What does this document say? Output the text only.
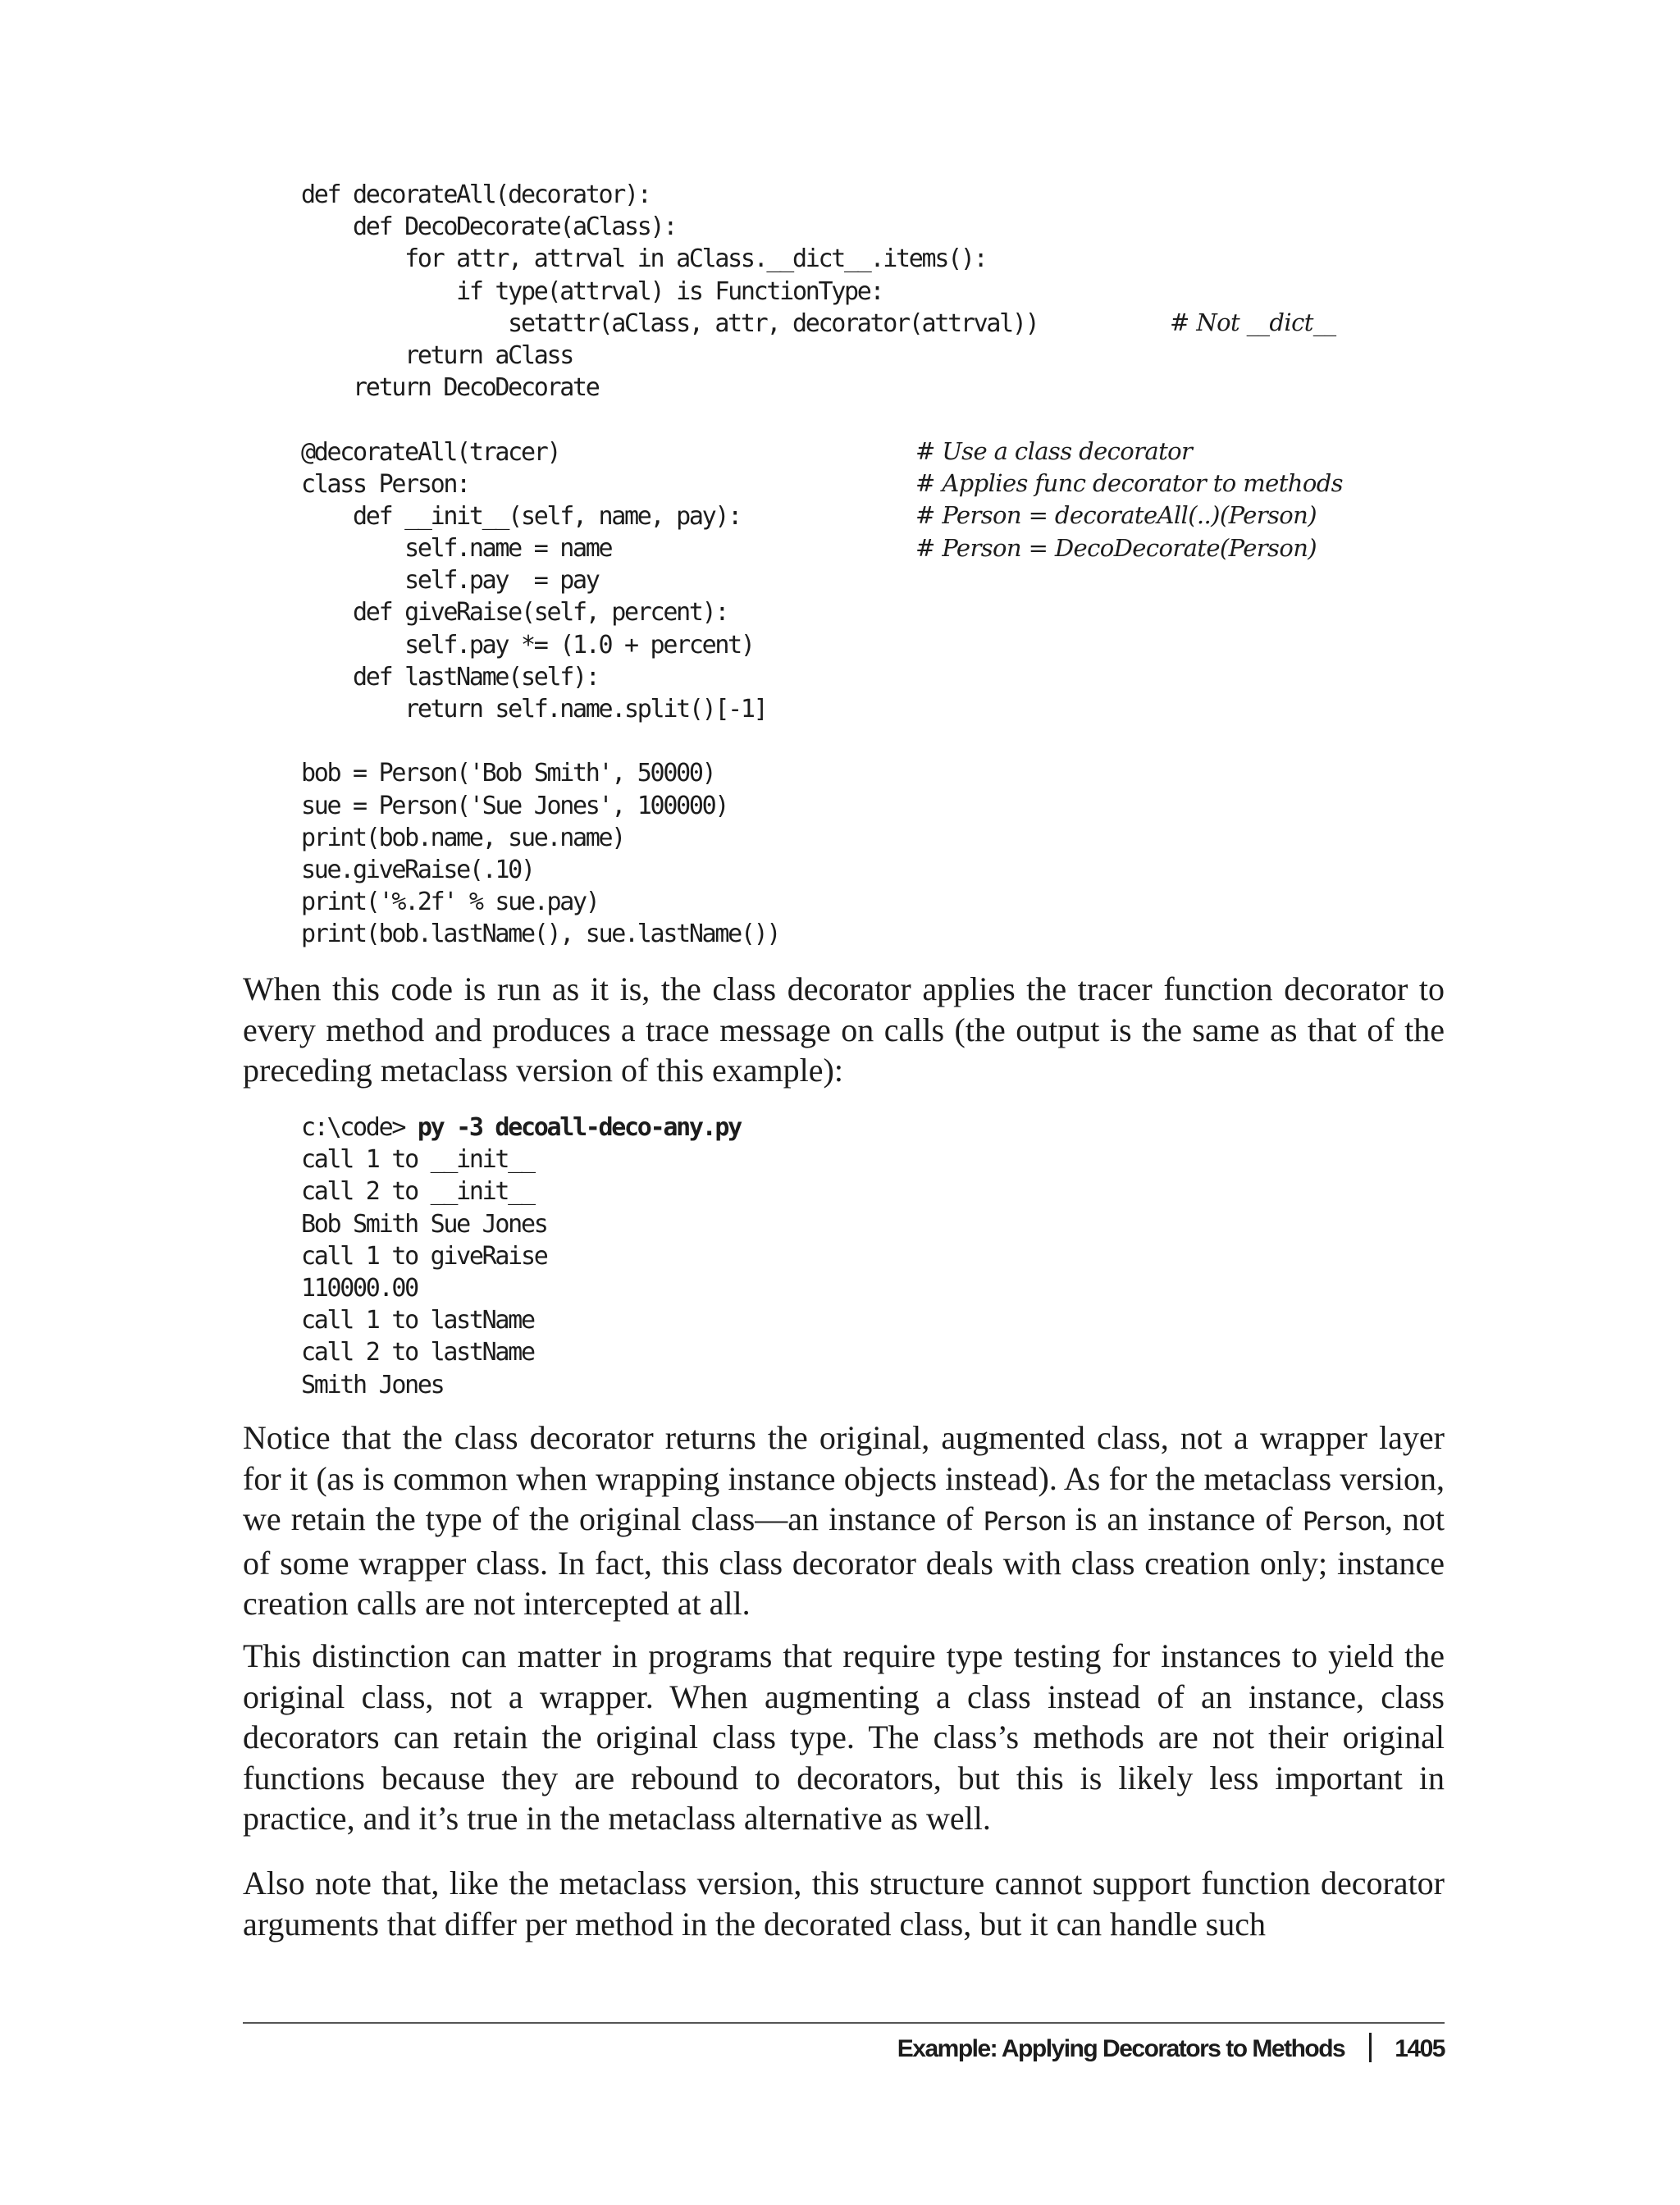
def decorateAll(decorator):
def DecoDecorate(aClass):
for attr, attrval in aClass.__dict__.items():
if type(attrval) is FunctionType:
setattr(aClass, attr, decorator(attrval))
return aClass
return DecoDecorate
@decorateAll(tracer)
class Person:
def __init__(self, name, pay):
self.name = name
self.pay  = pay
def giveRaise(self, percent):
self.pay *= (1.0 + percent)
def lastName(self):
return self.name.split()[-1]
bob = Person('Bob Smith', 50000)
sue = Person('Sue Jones', 100000)
print(bob.name, sue.name)
sue.giveRaise(.10)
print('%.2f' % sue.pay)
print(bob.lastName(), sue.lastName())
# Not __dict__
# Use a class decorator
# Applies func decorator to methods
# Person = decorateAll(..)(Person)
# Person = DecoDecorate(Person)

When this code is run as it is, the class decorator applies the tracer function decorator to every method and produces a trace message on calls (the output is the same as that of the preceding metaclass version of this example):

c:\code> py -3 decoall-deco-any.py
call 1 to __init__
call 2 to __init__
Bob Smith Sue Jones
call 1 to giveRaise
110000.00
call 1 to lastName
call 2 to lastName
Smith Jones

Notice that the class decorator returns the original, augmented class, not a wrapper layer for it (as is common when wrapping instance objects instead). As for the metaclass version, we retain the type of the original class—an instance of Person is an instance of Person, not of some wrapper class. In fact, this class decorator deals with class creation only; instance creation calls are not intercepted at all.

This distinction can matter in programs that require type testing for instances to yield the original class, not a wrapper. When augmenting a class instead of an instance, class decorators can retain the original class type. The class’s methods are not their original functions because they are rebound to decorators, but this is likely less important in practice, and it’s true in the metaclass alternative as well.

Also note that, like the metaclass version, this structure cannot support function decorator arguments that differ per method in the decorated class, but it can handle such

Example: Applying Decorators to Methods 1405
